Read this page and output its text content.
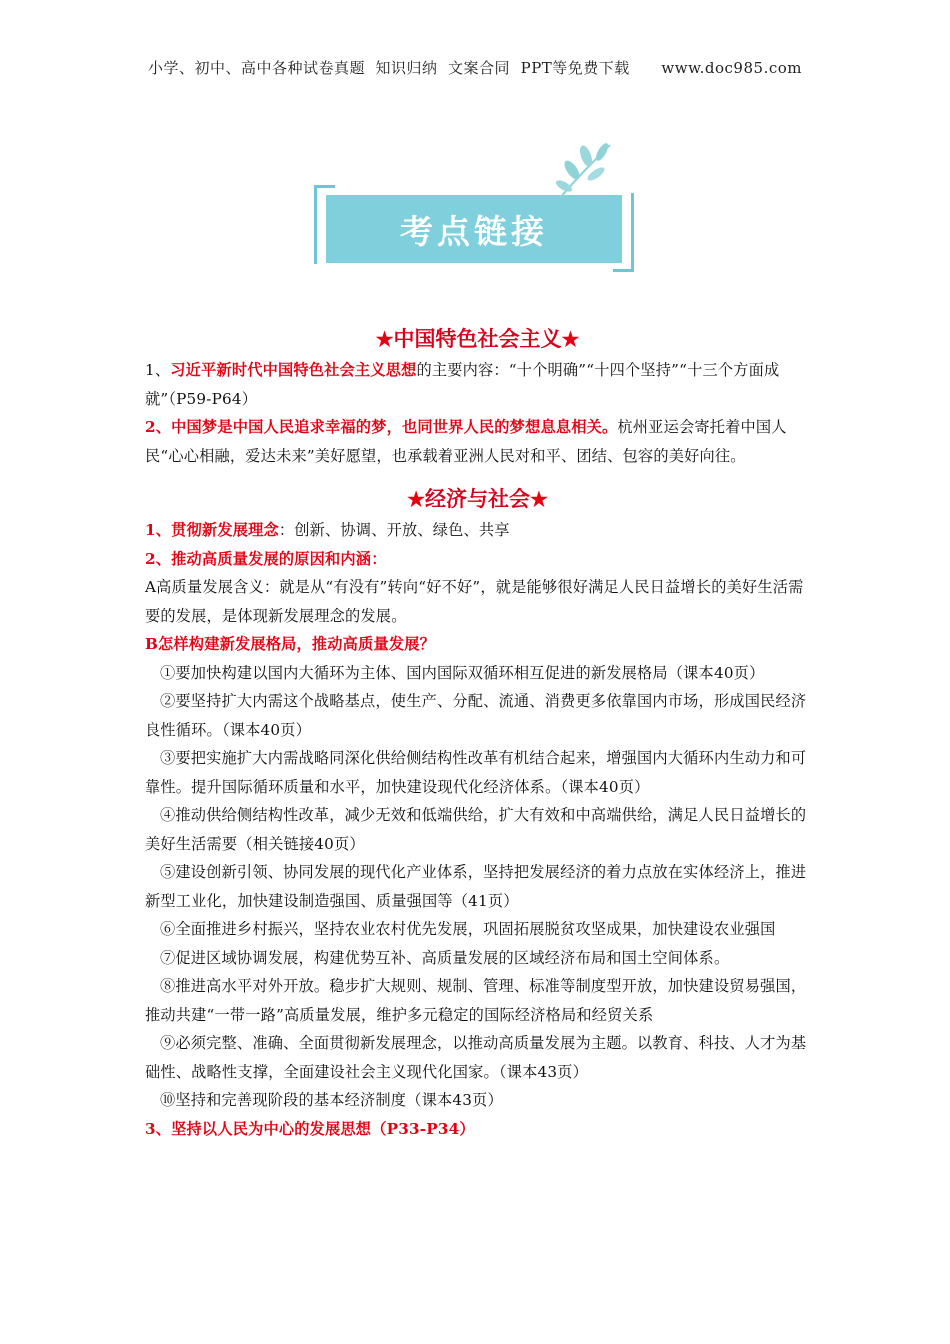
小学、初中、高中各种试卷真题  知识归纳  文案合同  PPT等免费下载      www.doc985.com
考点链接
★中国特色社会主义★

1、习近平新时代中国特色社会主义思想的主要内容：“十个明确”“十四个坚持”“十三个方面成就”（P59-P64）

2、中国梦是中国人民追求幸福的梦，也同世界人民的梦想息息相关。杭州亚运会寄托着中国人民“心心相融，爱达未来”美好愿望，也承载着亚洲人民对和平、团结、包容的美好向往。

★经济与社会★

1、贯彻新发展理念：创新、协调、开放、绿色、共享

2、推动高质量发展的原因和内涵：

A高质量发展含义：就是从“有没有”转向“好不好”，就是能够很好满足人民日益增长的美好生活需要的发展，是体现新发展理念的发展。

B怎样构建新发展格局，推动高质量发展？

①要加快构建以国内大循环为主体、国内国际双循环相互促进的新发展格局（课本40页）

②要坚持扩大内需这个战略基点，使生产、分配、流通、消费更多依靠国内市场，形成国民经济良性循环。（课本40页）

③要把实施扩大内需战略同深化供给侧结构性改革有机结合起来，增强国内大循环内生动力和可靠性。提升国际循环质量和水平，加快建设现代化经济体系。（课本40页）

④推动供给侧结构性改革，减少无效和低端供给，扩大有效和中高端供给，满足人民日益增长的美好生活需要（相关链接40页）

⑤建设创新引领、协同发展的现代化产业体系，坚持把发展经济的着力点放在实体经济上，推进新型工业化，加快建设制造强国、质量强国等（41页）

⑥全面推进乡村振兴，坚持农业农村优先发展，巩固拓展脱贫攻坚成果，加快建设农业强国

⑦促进区域协调发展，构建优势互补、高质量发展的区域经济布局和国土空间体系。

⑧推进高水平对外开放。稳步扩大规则、规制、管理、标准等制度型开放，加快建设贸易强国，推动共建“一带一路”高质量发展，维护多元稳定的国际经济格局和经贸关系

⑨必须完整、准确、全面贯彻新发展理念，以推动高质量发展为主题。以教育、科技、人才为基础性、战略性支撑，全面建设社会主义现代化国家。（课本43页）

⑩坚持和完善现阶段的基本经济制度（课本43页）

3、坚持以人民为中心的发展思想（P33-P34）
